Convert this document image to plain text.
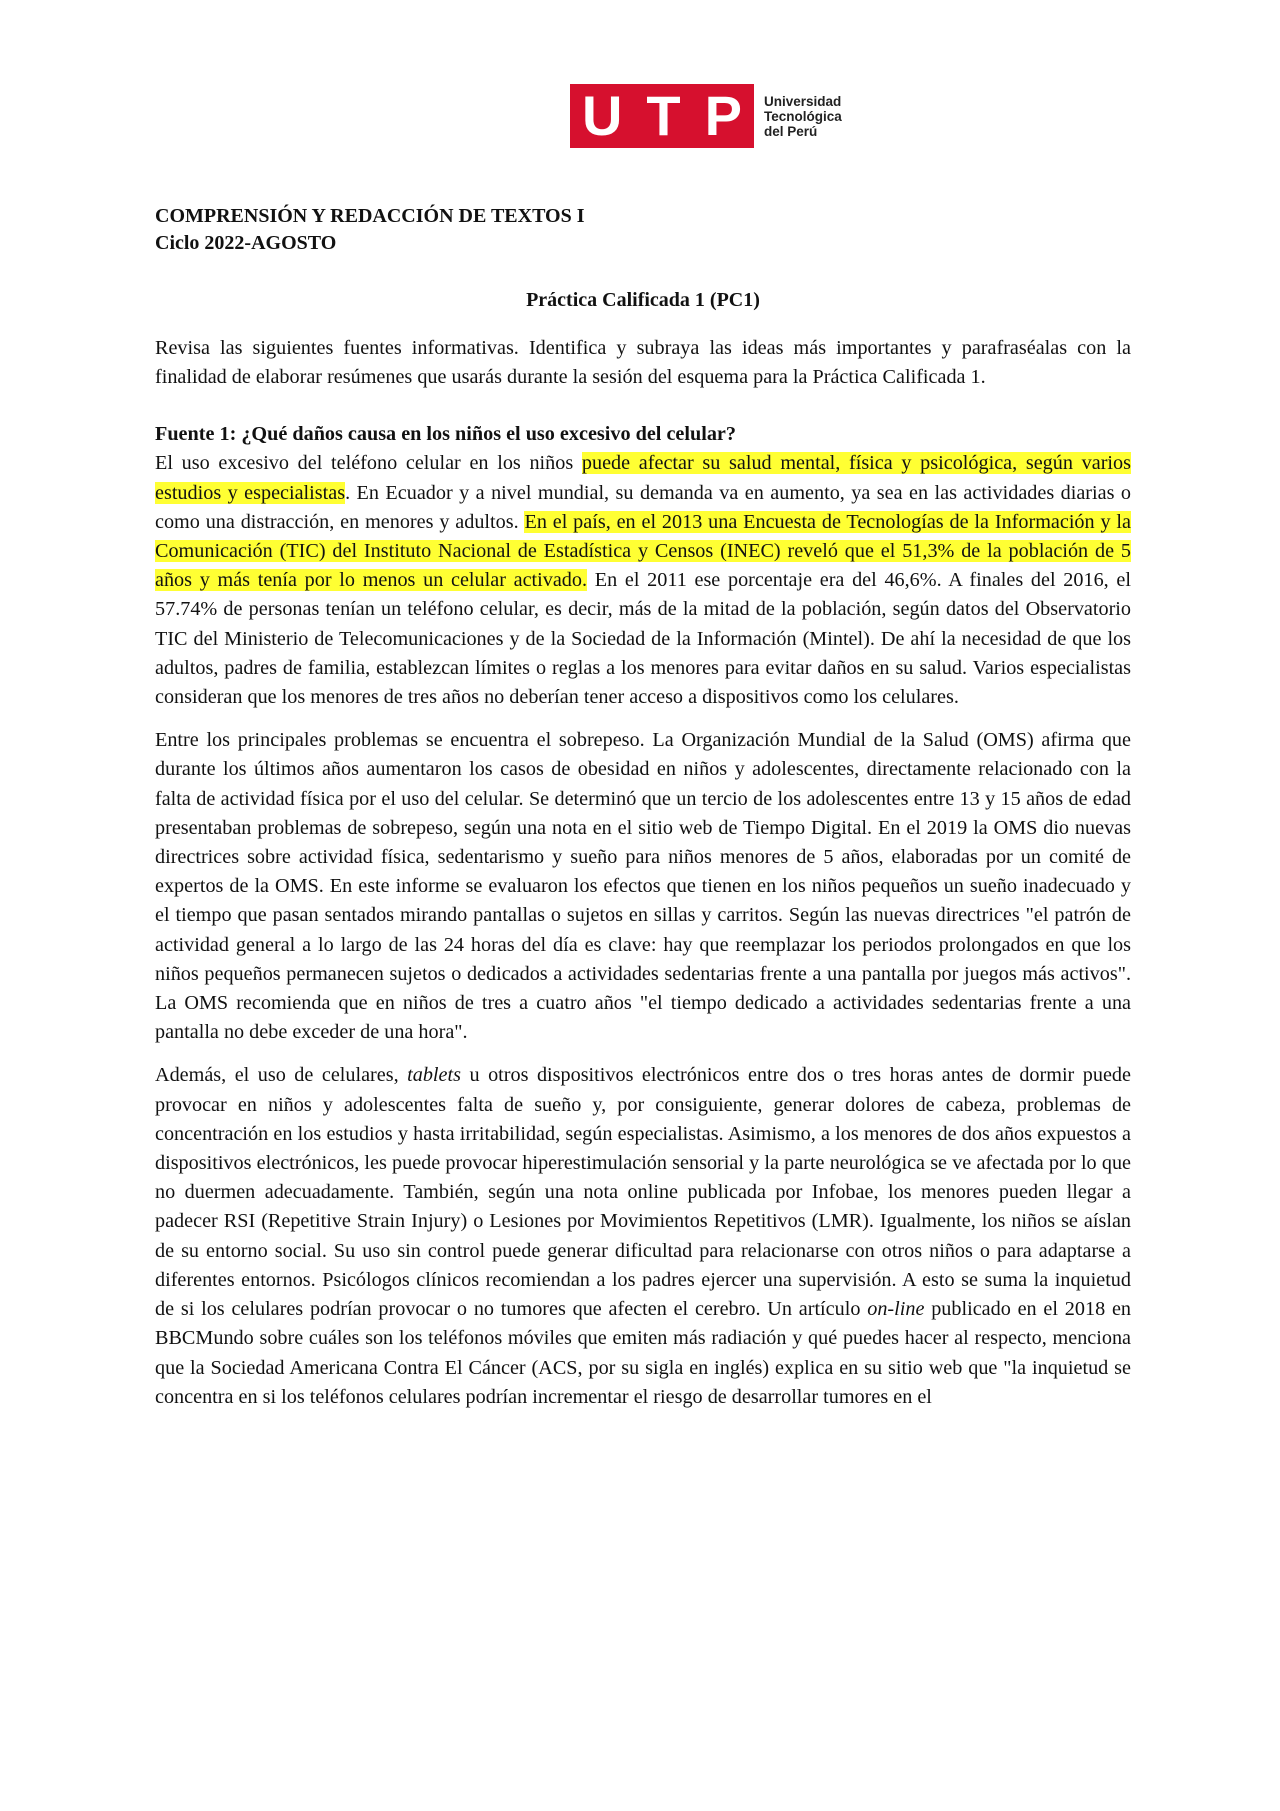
U T P Universidad
Tecnológica
del Perú

COMPRENSIÓN Y REDACCIÓN DE TEXTOS I

Ciclo 2022-AGOSTO

Práctica Calificada 1 (PC1)

Revisa las siguientes fuentes informativas. Identifica y subraya las ideas más importantes y parafraséalas con la finalidad de elaborar resúmenes que usarás durante la sesión del esquema para la Práctica Calificada 1.

Fuente 1: ¿Qué daños causa en los niños el uso excesivo del celular?

El uso excesivo del teléfono celular en los niños puede afectar su salud mental, física y psicológica, según varios estudios y especialistas. En Ecuador y a nivel mundial, su demanda va en aumento, ya sea en las actividades diarias o como una distracción, en menores y adultos. En el país, en el 2013 una Encuesta de Tecnologías de la Información y la Comunicación (TIC) del Instituto Nacional de Estadística y Censos (INEC) reveló que el 51,3% de la población de 5 años y más tenía por lo menos un celular activado. En el 2011 ese porcentaje era del 46,6%. A finales del 2016, el 57.74% de personas tenían un teléfono celular, es decir, más de la mitad de la población, según datos del Observatorio TIC del Ministerio de Telecomunicaciones y de la Sociedad de la Información (Mintel). De ahí la necesidad de que los adultos, padres de familia, establezcan límites o reglas a los menores para evitar daños en su salud. Varios especialistas consideran que los menores de tres años no deberían tener acceso a dispositivos como los celulares.

Entre los principales problemas se encuentra el sobrepeso. La Organización Mundial de la Salud (OMS) afirma que durante los últimos años aumentaron los casos de obesidad en niños y adolescentes, directamente relacionado con la falta de actividad física por el uso del celular. Se determinó que un tercio de los adolescentes entre 13 y 15 años de edad presentaban problemas de sobrepeso, según una nota en el sitio web de Tiempo Digital. En el 2019 la OMS dio nuevas directrices sobre actividad física, sedentarismo y sueño para niños menores de 5 años, elaboradas por un comité de expertos de la OMS. En este informe se evaluaron los efectos que tienen en los niños pequeños un sueño inadecuado y el tiempo que pasan sentados mirando pantallas o sujetos en sillas y carritos. Según las nuevas directrices "el patrón de actividad general a lo largo de las 24 horas del día es clave: hay que reemplazar los periodos prolongados en que los niños pequeños permanecen sujetos o dedicados a actividades sedentarias frente a una pantalla por juegos más activos". La OMS recomienda que en niños de tres a cuatro años "el tiempo dedicado a actividades sedentarias frente a una pantalla no debe exceder de una hora".

Además, el uso de celulares, tablets u otros dispositivos electrónicos entre dos o tres horas antes de dormir puede provocar en niños y adolescentes falta de sueño y, por consiguiente, generar dolores de cabeza, problemas de concentración en los estudios y hasta irritabilidad, según especialistas. Asimismo, a los menores de dos años expuestos a dispositivos electrónicos, les puede provocar hiperestimulación sensorial y la parte neurológica se ve afectada por lo que no duermen adecuadamente. También, según una nota online publicada por Infobae, los menores pueden llegar a padecer RSI (Repetitive Strain Injury) o Lesiones por Movimientos Repetitivos (LMR). Igualmente, los niños se aíslan de su entorno social. Su uso sin control puede generar dificultad para relacionarse con otros niños o para adaptarse a diferentes entornos. Psicólogos clínicos recomiendan a los padres ejercer una supervisión. A esto se suma la inquietud de si los celulares podrían provocar o no tumores que afecten el cerebro. Un artículo on-line publicado en el 2018 en BBCMundo sobre cuáles son los teléfonos móviles que emiten más radiación y qué puedes hacer al respecto, menciona que la Sociedad Americana Contra El Cáncer (ACS, por su sigla en inglés) explica en su sitio web que "la inquietud se concentra en si los teléfonos celulares podrían incrementar el riesgo de desarrollar tumores en el
